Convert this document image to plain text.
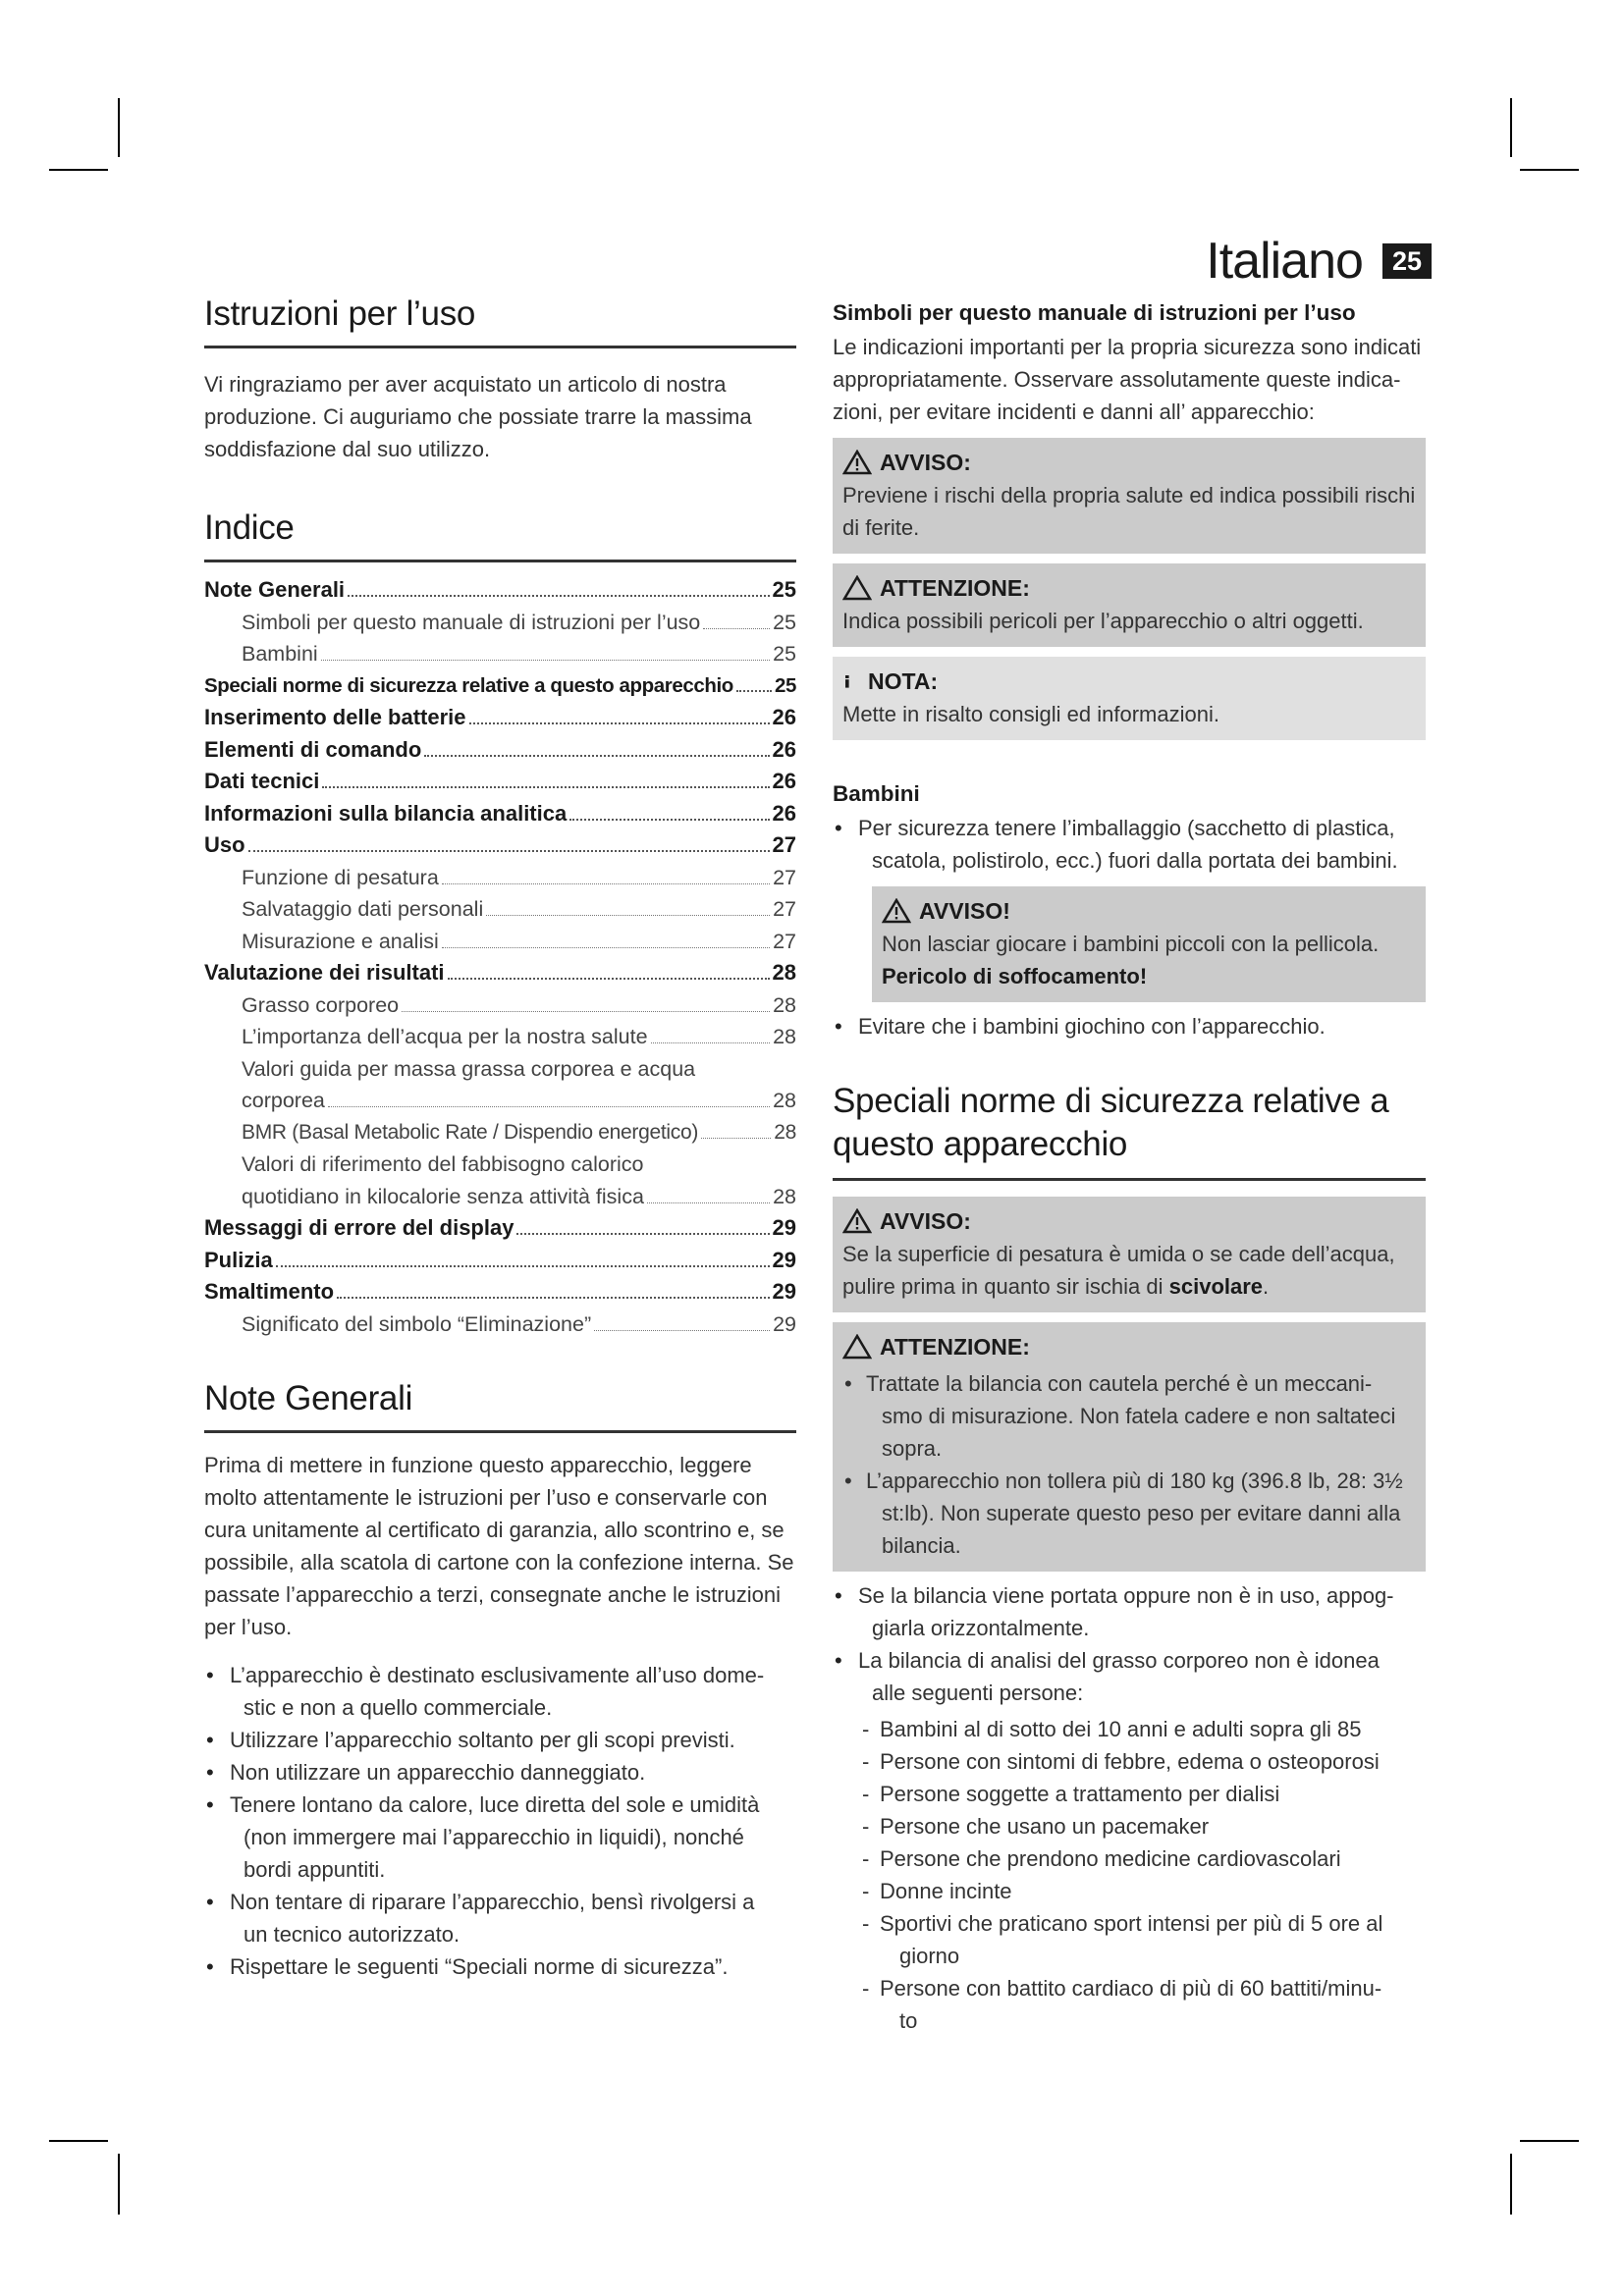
Italiano	25
Istruzioni per l’uso

Vi ringraziamo per aver acquistato un articolo di nostra produzione. Ci auguriamo che possiate trarre la massima soddisfazione dal suo utilizzo.

Indice
Note Generali	25
Simboli per questo manuale di istruzioni per l’uso	25
Bambini	25
Speciali norme di sicurezza relative a questo apparecchio 25
Inserimento delle batterie	26
Elementi di comando	26
Dati tecnici	26
Informazioni sulla bilancia analitica	26
Uso	27
Funzione di pesatura	27
Salvataggio dati personali	27
Misurazione e analisi	27
Valutazione dei risultati	28
Grasso corporeo	28
L’importanza dell’acqua per la nostra salute	28
Valori guida per massa grassa corporea e acqua
corporea	28
BMR (Basal Metabolic Rate / Dispendio energetico)	28
Valori di riferimento del fabbisogno calorico
quotidiano in kilocalorie senza attività fisica	28
Messaggi di errore del display	29
Pulizia	29
Smaltimento	29
Significato del simbolo “Eliminazione”	29
Note Generali

Prima di mettere in funzione questo apparecchio, leggere molto attentamente le istruzioni per l’uso e conservarle con cura unitamente al certificato di garanzia, allo scontrino e, se possibile, alla scatola di cartone con la confezione interna. Se passate l’apparecchio a terzi, consegnate anche le istruzioni per l’uso.

• L’apparecchio è destinato esclusivamente all’uso dome-
stic e non a quello commerciale.
• Utilizzare l’apparecchio soltanto per gli scopi previsti.
• Non utilizzare un apparecchio danneggiato.
• Tenere lontano da calore, luce diretta del sole e umidità
(non immergere mai l’apparecchio in liquidi), nonché bordi appuntiti.
• Non tentare di riparare l’apparecchio, bensì rivolgersi a
un tecnico autorizzato.
• Rispettare le seguenti “Speciali norme di sicurezza”.
Simboli per questo manuale di istruzioni per l’uso

Le indicazioni importanti per la propria sicurezza sono indicati appropriatamente. Osservare assolutamente queste indica-zioni, per evitare incidenti e danni all’ apparecchio:

AVVISO:
Previene i rischi della propria salute ed indica possibili rischi di ferite.
ATTENZIONE:
Indica possibili pericoli per l’apparecchio o altri oggetti.
NOTA:
Mette in risalto consigli ed informazioni.
Bambini
• Per sicurezza tenere l’imballaggio (sacchetto di plastica,
scatola, polistirolo, ecc.) fuori dalla portata dei bambini.
AVVISO!
Non lasciar giocare i bambini piccoli con la pellicola.
Pericolo di soffocamento!
• Evitare che i bambini giochino con l’apparecchio.
Speciali norme di sicurezza relative a
questo apparecchio
AVVISO:
Se la superficie di pesatura è umida o se cade dell’acqua, pulire prima in quanto sir ischia di scivolare.
ATTENZIONE:
• Trattate la bilancia con cautela perché è un meccani-
smo di misurazione. Non fatela cadere e non saltateci sopra.
• L’apparecchio non tollera più di 180 kg (396.8 lb, 28: 3½
st:lb). Non superate questo peso per evitare danni alla bilancia.
• Se la bilancia viene portata oppure non è in uso, appog-
giarla orizzontalmente.
• La bilancia di analisi del grasso corporeo non è idonea
alle seguenti persone:
- Bambini al di sotto dei 10 anni e adulti sopra gli 85
- Persone con sintomi di febbre, edema o osteoporosi
- Persone soggette a trattamento per dialisi
- Persone che usano un pacemaker
- Persone che prendono medicine cardiovascolari
- Donne incinte
- Sportivi che praticano sport intensi per più di 5 ore al
giorno
- Persone con battito cardiaco di più di 60 battiti/minu-
to
